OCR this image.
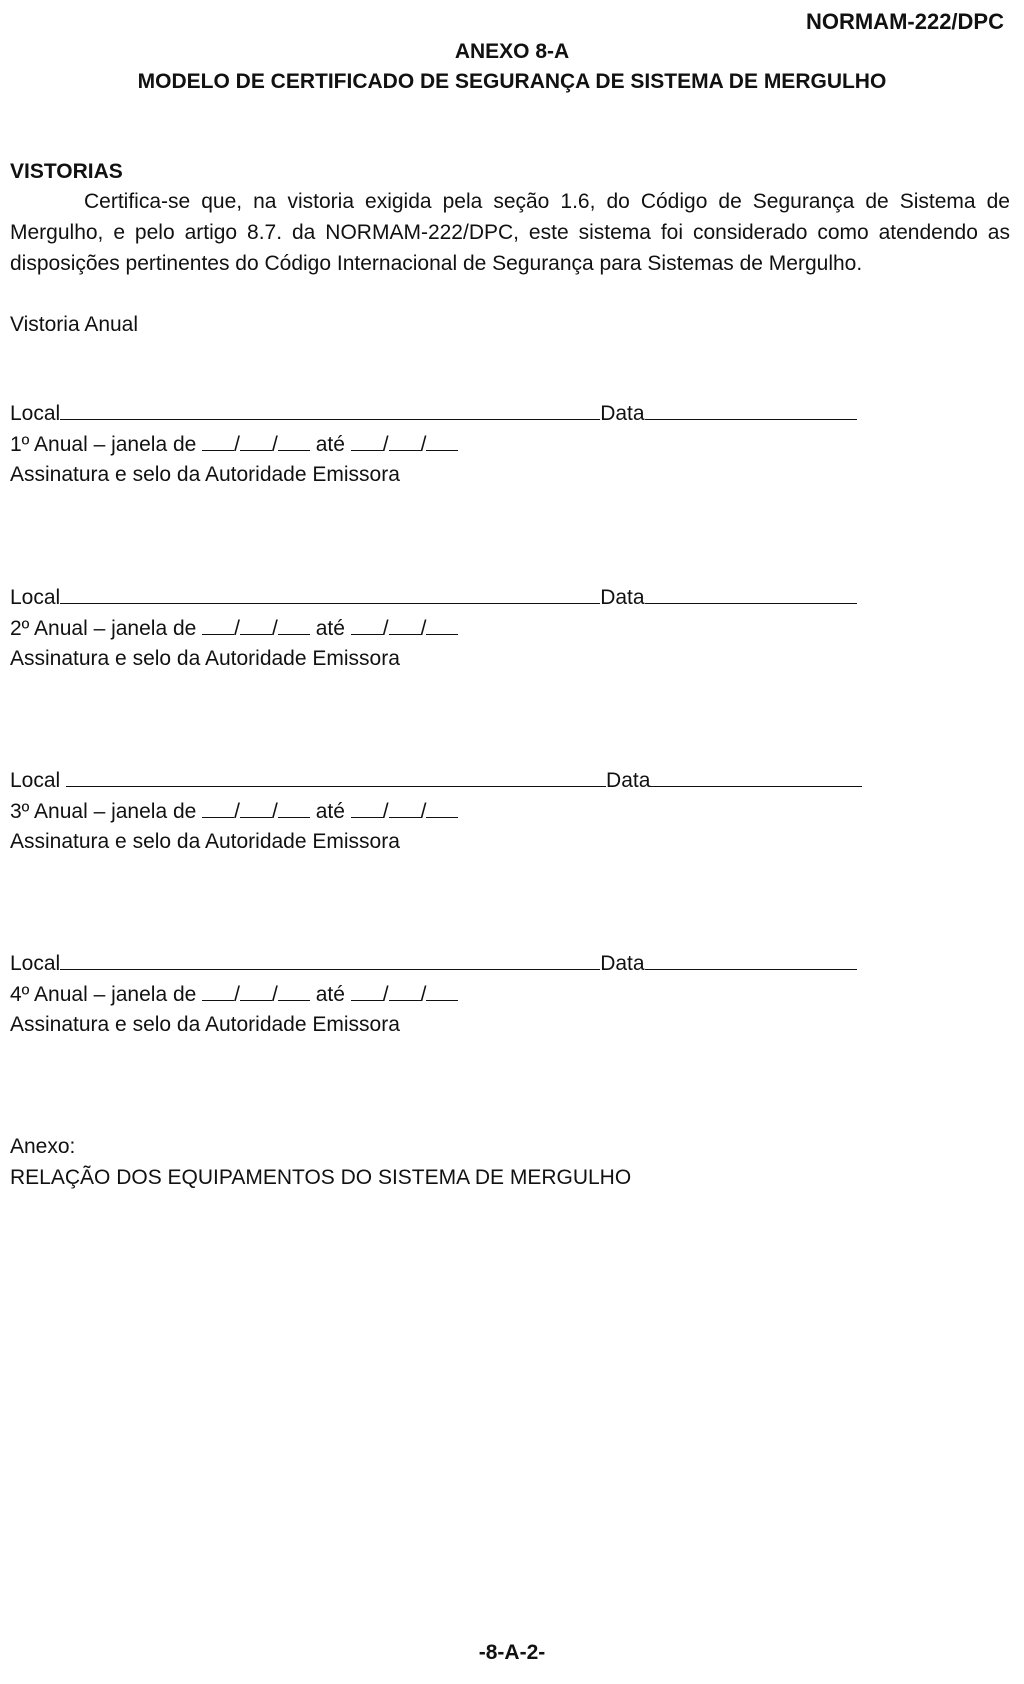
NORMAM-222/DPC
ANEXO 8-A
MODELO DE CERTIFICADO DE SEGURANÇA DE SISTEMA DE MERGULHO
VISTORIAS
Certifica-se que, na vistoria exigida pela seção 1.6, do Código de Segurança de Sistema de Mergulho, e pelo artigo 8.7. da NORMAM-222/DPC, este sistema foi considerado como atendendo as disposições pertinentes do Código Internacional de Segurança para Sistemas de Mergulho.
Vistoria Anual
Local	Data
1º Anual – janela de / / até / /
Assinatura e selo da Autoridade Emissora
Local	Data
2º Anual – janela de / / até / /
Assinatura e selo da Autoridade Emissora
Local	Data
3º Anual – janela de / / até / /
Assinatura e selo da Autoridade Emissora
Local	Data
4º Anual – janela de / / até / /
Assinatura e selo da Autoridade Emissora
Anexo:
RELAÇÃO DOS EQUIPAMENTOS DO SISTEMA DE MERGULHO
-8-A-2-
